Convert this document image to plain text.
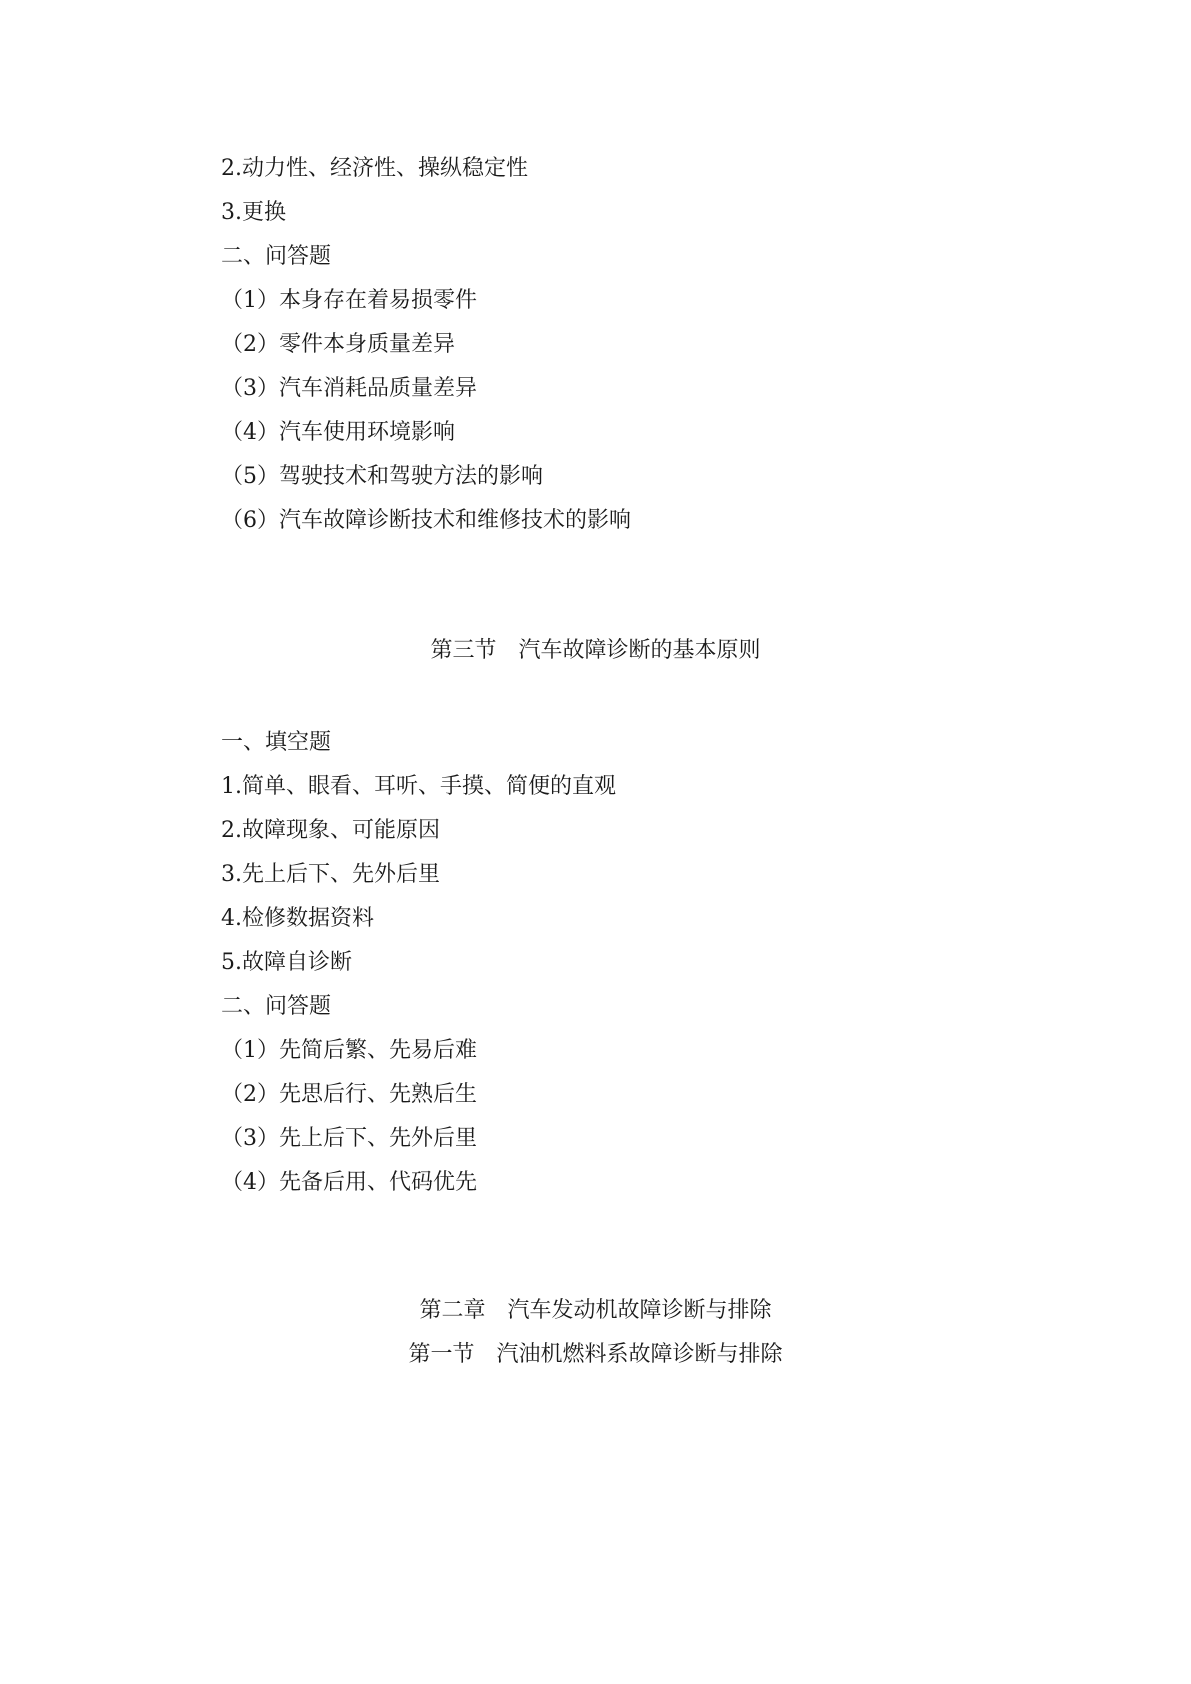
2.动力性、经济性、操纵稳定性
3.更换
二、问答题
（1）本身存在着易损零件
（2）零件本身质量差异
（3）汽车消耗品质量差异
（4）汽车使用环境影响
（5）驾驶技术和驾驶方法的影响
（6）汽车故障诊断技术和维修技术的影响
第三节　汽车故障诊断的基本原则
一、填空题
1.简单、眼看、耳听、手摸、简便的直观
2.故障现象、可能原因
3.先上后下、先外后里
4.检修数据资料
5.故障自诊断
二、问答题
（1）先简后繁、先易后难
（2）先思后行、先熟后生
（3）先上后下、先外后里
（4）先备后用、代码优先
第二章　汽车发动机故障诊断与排除
第一节　汽油机燃料系故障诊断与排除
